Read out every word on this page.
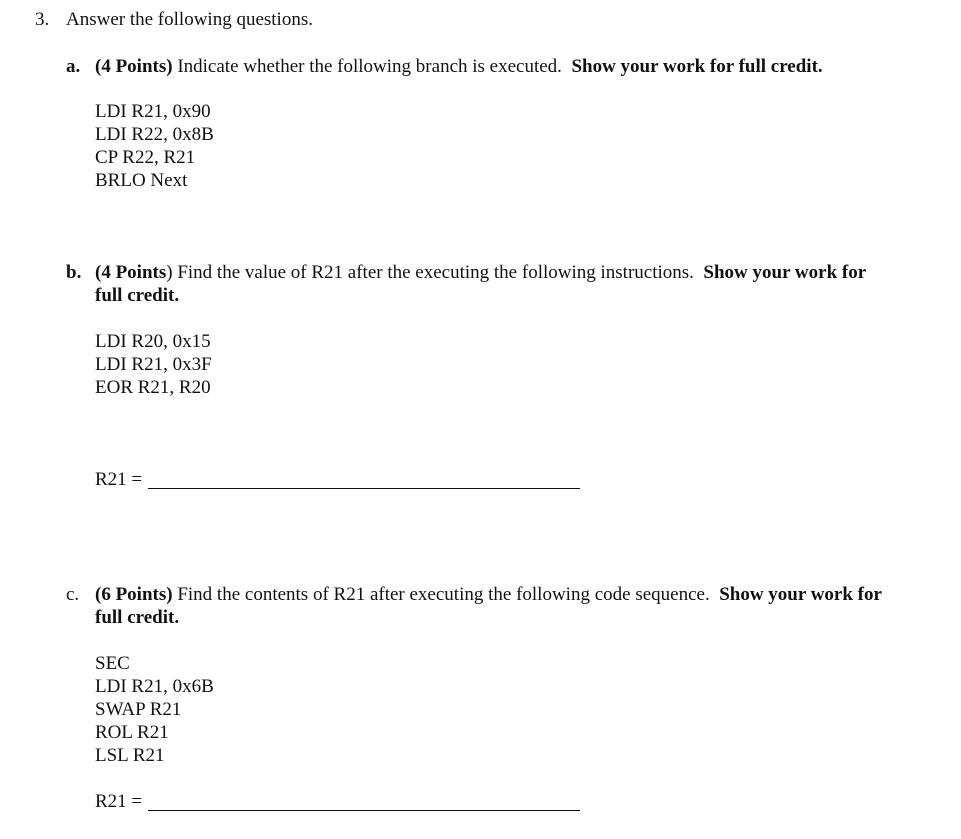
3. Answer the following questions.
a. (4 Points) Indicate whether the following branch is executed.  Show your work for full credit.
LDI R21, 0x90
LDI R22, 0x8B
CP R22, R21
BRLO Next
b. (4 Points) Find the value of R21 after the executing the following instructions.  Show your work for
full credit.
LDI R20, 0x15
LDI R21, 0x3F
EOR R21, R20
R21 =
c. (6 Points) Find the contents of R21 after executing the following code sequence.  Show your work for
full credit.
SEC
LDI R21, 0x6B
SWAP R21
ROL R21
LSL R21
R21 =
